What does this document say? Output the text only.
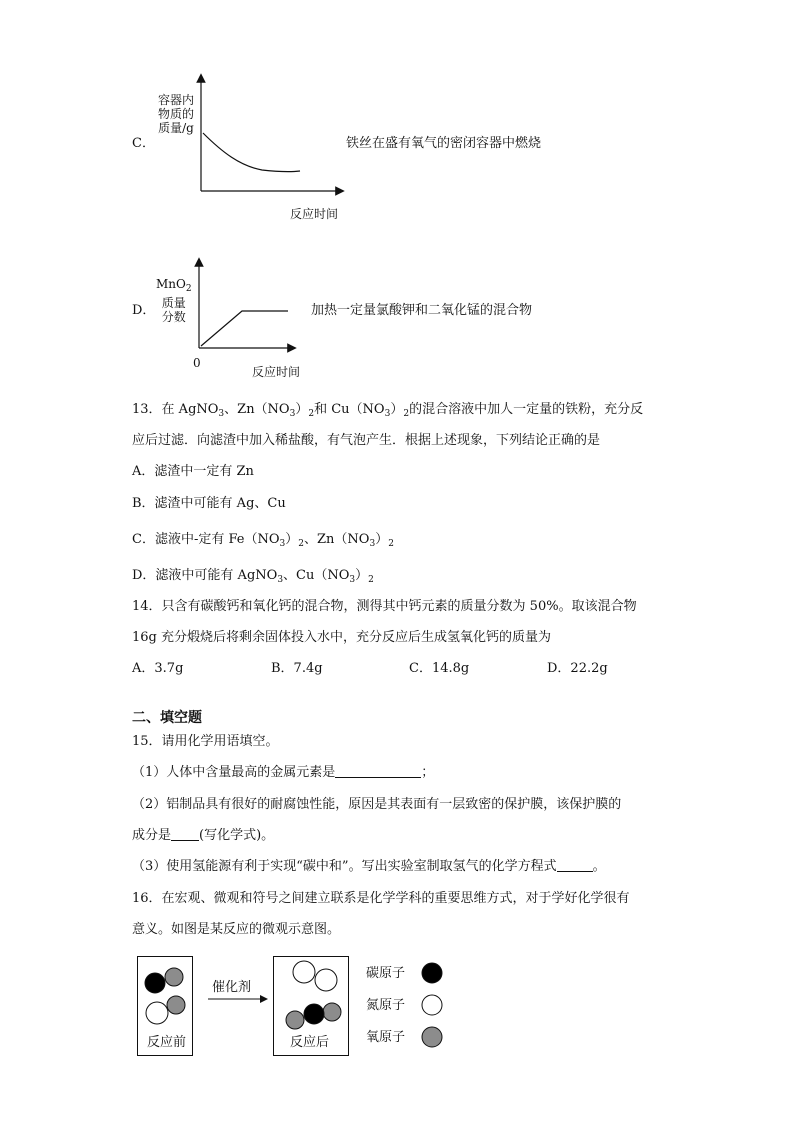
C．
容器内
物质的
质量/g
反应时间
铁丝在盛有氧气的密闭容器中燃烧
D．
MnO$_2$
质量
分数
0
反应时间
加热一定量氯酸钾和二氧化锰的混合物
13．在 AgNO$_3$、$Zn(NO_3)_2$和 $Cu(NO_3)_2$的混合溶液中加人一定量的铁粉，充分反
应后过滤．向滤渣中加入稀盐酸，有气泡产生．根据上述现象，下列结论正确的是
A．滤渣中一定有 Zn
B．滤渣中可能有 Ag、Cu
C．滤液中-定有 $Fe(NO_3)_2$、$Zn(NO_3)_2$
D．滤液中可能有 AgNO$_3$、$Cu(NO_3)_2$
14．只含有碳酸钙和氧化钙的混合物，测得其中钙元素的质量分数为 50%。取该混合物
16g 充分煅烧后将剩余固体投入水中，充分反应后生成氢氧化钙的质量为
A．3.7g	B．7.4g	C．14.8g	D．22.2g
二、填空题
15．请用化学用语填空。
（1）人体中含量最高的金属元素是	；
（2）铝制品具有很好的耐腐蚀性能，原因是其表面有一层致密的保护膜，该保护膜的
成分是 (写化学式)。
（3）使用氢能源有利于实现“碳中和”。写出实验室制取氢气的化学方程式	。
16．在宏观、微观和符号之间建立联系是化学学科的重要思维方式，对于学好化学很有
意义。如图是某反应的微观示意图。
反应前	反应后
催化剂
碳原子
氮原子
氧原子
